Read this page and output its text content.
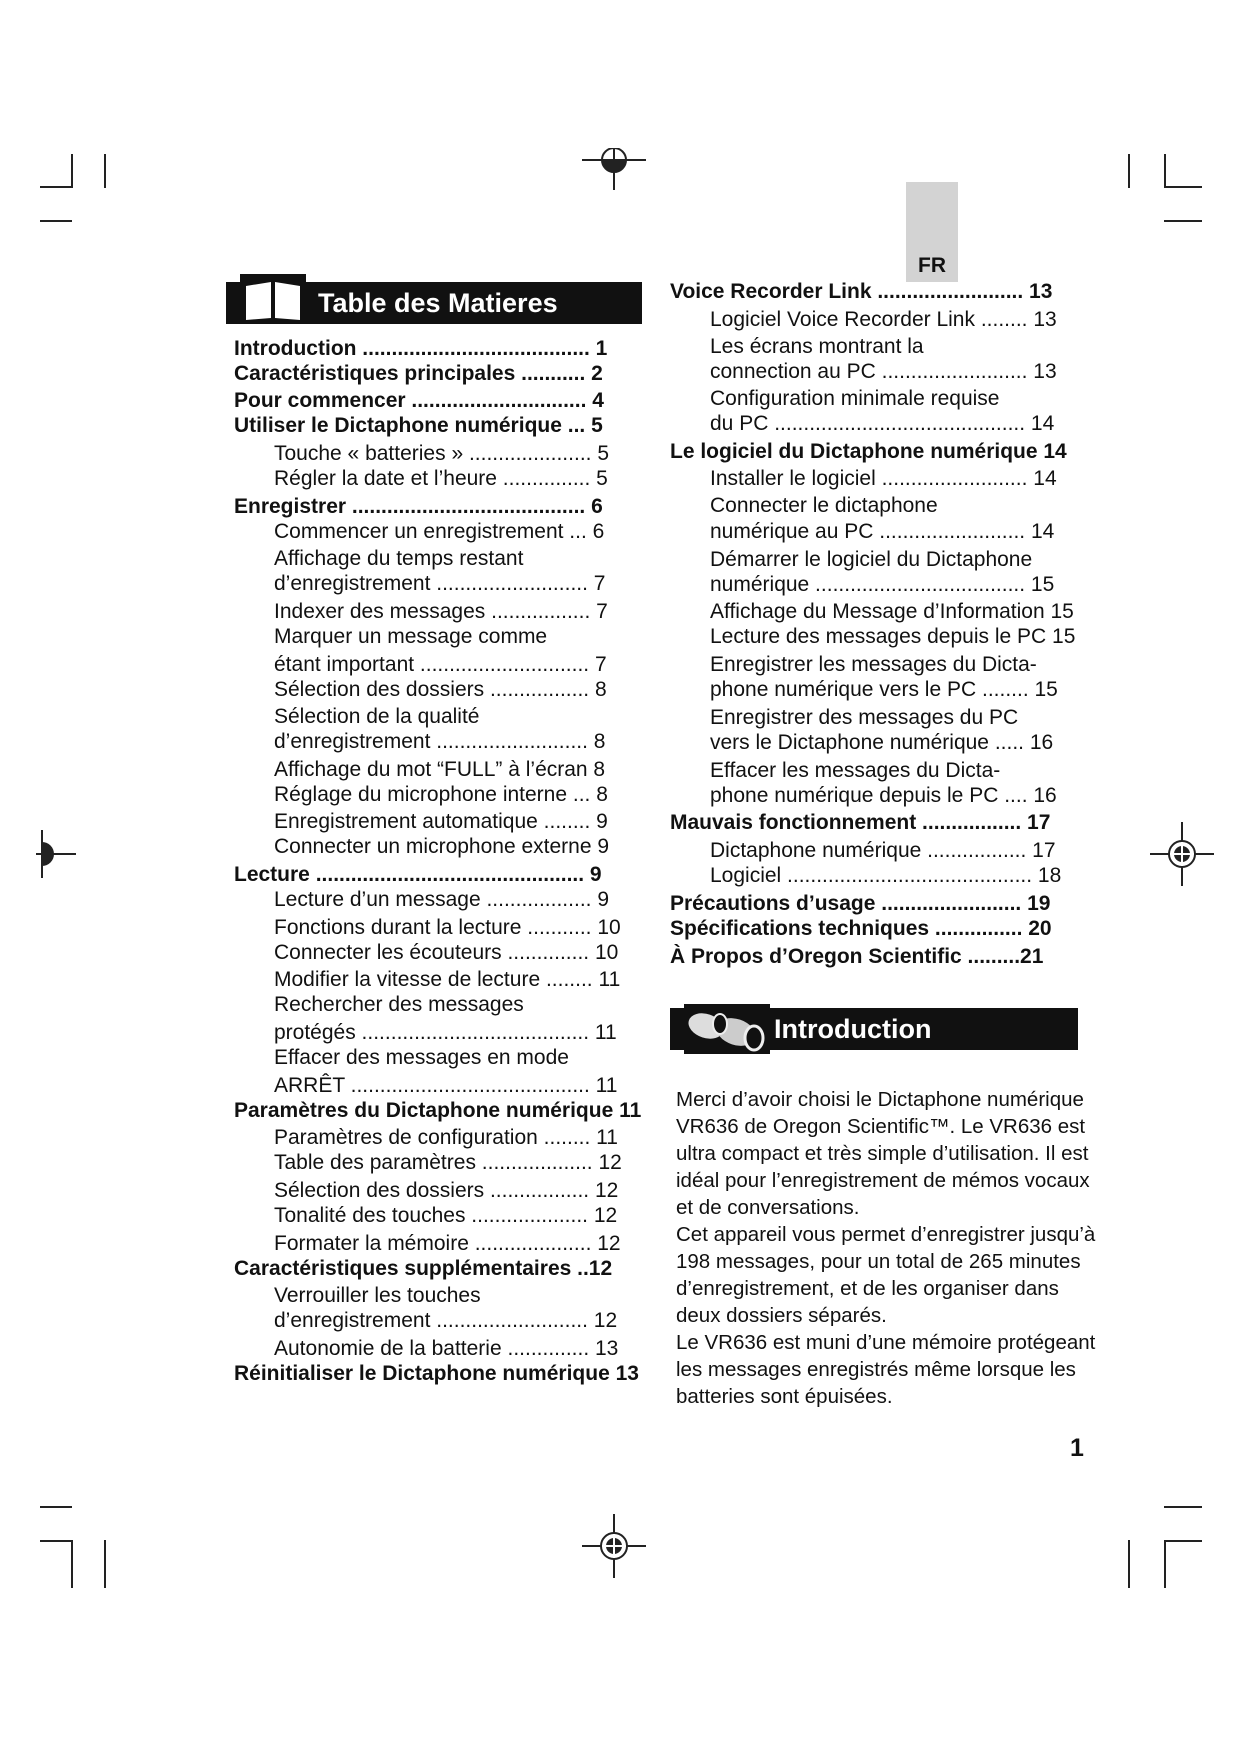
FR
Table des Matieres
Introduction ....................................... 1
Caractéristiques principales ........... 2
Pour commencer .............................. 4
Utiliser le Dictaphone numérique ... 5
Touche « batteries » ..................... 5
Régler la date et l’heure ............... 5
Enregistrer ........................................ 6
Commencer un enregistrement ... 6
Affichage du temps restant
d’enregistrement .......................... 7
Indexer des messages ................. 7
Marquer un message comme
étant important ............................. 7
Sélection des dossiers ................. 8
Sélection de la qualité
d’enregistrement .......................... 8
Affichage du mot “FULL” à l’écran 8
Réglage du microphone interne ... 8
Enregistrement automatique ........ 9
Connecter un microphone externe 9
Lecture .............................................. 9
Lecture d’un message .................. 9
Fonctions durant la lecture ........... 10
Connecter les écouteurs .............. 10
Modifier la vitesse de lecture ........ 11
Rechercher des messages
protégés ....................................... 11
Effacer des messages en mode
ARRÊT ......................................... 11
Paramètres du Dictaphone numérique 11
Paramètres de configuration ........ 11
Table des paramètres ................... 12
Sélection des dossiers ................. 12
Tonalité des touches .................... 12
Formater la mémoire .................... 12
Caractéristiques supplémentaires ..12
Verrouiller les touches
d’enregistrement .......................... 12
Autonomie de la batterie .............. 13
Réinitialiser le Dictaphone numérique 13
Voice Recorder Link ......................... 13
Logiciel Voice Recorder Link ........ 13
Les écrans montrant la
connection au PC ......................... 13
Configuration minimale requise
du PC ........................................... 14
Le logiciel du Dictaphone numérique 14
Installer le logiciel ......................... 14
Connecter le dictaphone
numérique au PC ......................... 14
Démarrer le logiciel du Dictaphone
numérique .................................... 15
Affichage du Message d’Information 15
Lecture des messages depuis le PC 15
Enregistrer les messages du Dicta-
phone numérique vers le PC ........ 15
Enregistrer des messages du PC
vers le Dictaphone numérique ..... 16
Effacer les messages du Dicta-
phone numérique depuis le PC .... 16
Mauvais fonctionnement ................. 17
Dictaphone numérique ................. 17
Logiciel .......................................... 18
Précautions d’usage ........................ 19
Spécifications techniques ............... 20
À Propos d’Oregon Scientific .........21
Introduction

Merci d’avoir choisi le Dictaphone numérique VR636 de Oregon Scientific™. Le VR636 est ultra compact et très simple d’utilisation. Il est idéal pour l’enregistrement de mémos vocaux et de conversations.

Cet appareil vous permet d’enregistrer jusqu’à 198 messages, pour un total de 265 minutes d’enregistrement, et de les organiser dans deux dossiers séparés.

Le VR636 est muni d’une mémoire protégeant les messages enregistrés même lorsque les batteries sont épuisées.

1
